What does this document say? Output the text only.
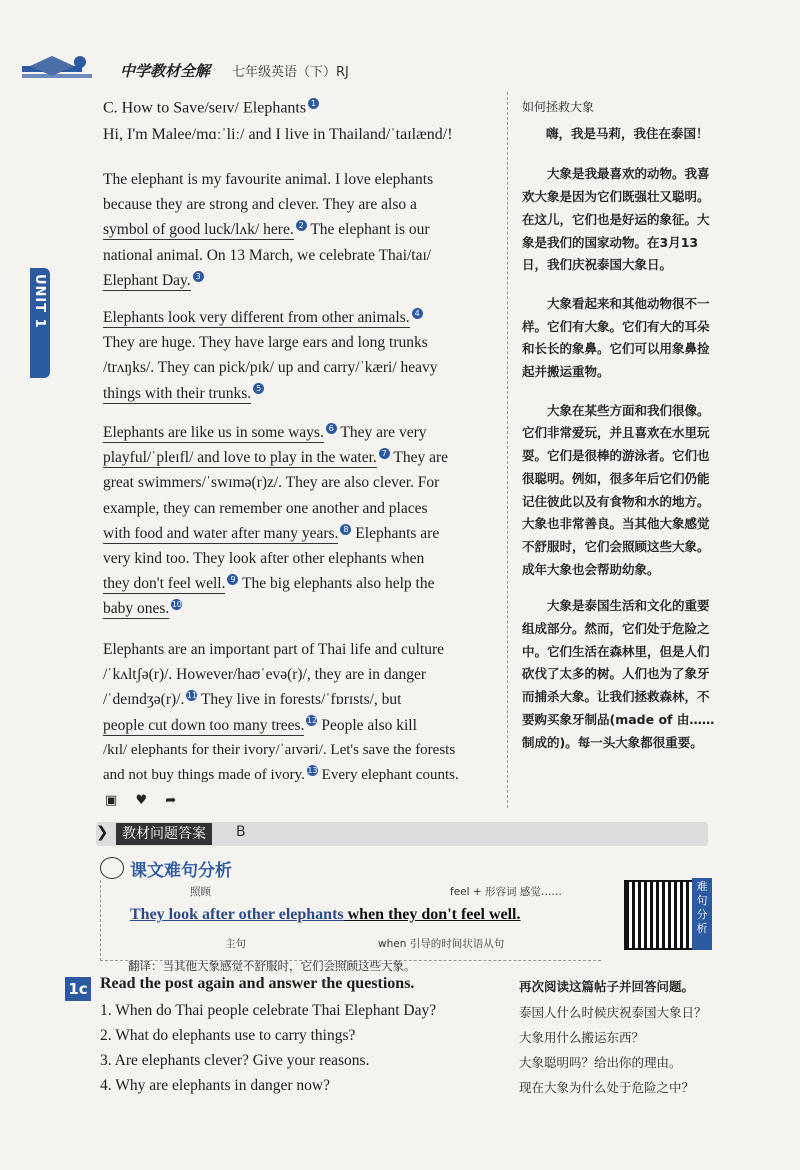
中学教材全解 七年级英语（下）RJ
UNIT 1
C. How to Save/seɪv/ Elephants 1
Hi, I'm Malee/mɑːˈliː/ and I live in Thailand/ˈtaɪlænd/!

The elephant is my favourite animal. I love elephants

because they are strong and clever. They are also a

symbol of good luck/lʌk/ here. 2 The elephant is our

national animal. On 13 March, we celebrate Thai/taɪ/

Elephant Day. 3

Elephants look very different from other animals. 4

They are huge. They have large ears and long trunks

/trʌŋks/. They can pick/pɪk/ up and carry/ˈkæri/ heavy

things with their trunks. 5

Elephants are like us in some ways. 6 They are very

playful/ˈpleɪfl/ and love to play in the water. 7 They are

great swimmers/ˈswɪmə(r)z/. They are also clever. For

example, they can remember one another and places

with food and water after many years. 8 Elephants are

very kind too. They look after other elephants when

they don't feel well. 9 The big elephants also help the

baby ones. 10

Elephants are an important part of Thai life and culture

/ˈkʌltʃə(r)/. However/haʊˈevə(r)/, they are in danger

/ˈdeɪndʒə(r)/. 11 They live in forests/ˈfɒrɪsts/, but

people cut down too many trees. 12 People also kill

/kɪl/ elephants for their ivory/ˈaɪvəri/. Let's save the forests

and not buy things made of ivory. 13 Every elephant counts.

如何拯救大象
嗨，我是马莉，我住在泰国！

大象是我最喜欢的动物。我喜欢大象是因为它们既强壮又聪明。在这儿，它们也是好运的象征。大象是我们的国家动物。在3月13日，我们庆祝泰国大象日。

大象看起来和其他动物很不一样。它们有大象。它们有大的耳朵和长长的象鼻。它们可以用象鼻捡起并搬运重物。

大象在某些方面和我们很像。它们非常爱玩，并且喜欢在水里玩耍。它们是很棒的游泳者。它们也很聪明。例如，很多年后它们仍能记住彼此以及有食物和水的地方。大象也非常善良。当其他大象感觉不舒服时，它们会照顾这些大象。成年大象也会帮助幼象。

大象是泰国生活和文化的重要组成部分。然而，它们处于危险之中。它们生活在森林里，但是人们砍伐了太多的树。人们也为了象牙而捕杀大象。让我们拯救森林，不要购买象牙制品(made of 由……制成的)。每一头大象都很重要。

▣ ♥ ➦
❯ 教材问题答案	B
课文难句分析
照顾	feel + 形容词 感觉……
They look after other elephants when they don't feel well.
主句	when 引导的时间状语从句
难句分析
翻译：当其他大象感觉不舒服时，它们会照顾这些大象。
1c Read the post again and answer the questions.	再次阅读这篇帖子并回答问题。
1. When do Thai people celebrate Thai Elephant Day?
2. What do elephants use to carry things?
3. Are elephants clever? Give your reasons.
4. Why are elephants in danger now?
泰国人什么时候庆祝泰国大象日？
大象用什么搬运东西？
大象聪明吗？给出你的理由。
现在大象为什么处于危险之中？
